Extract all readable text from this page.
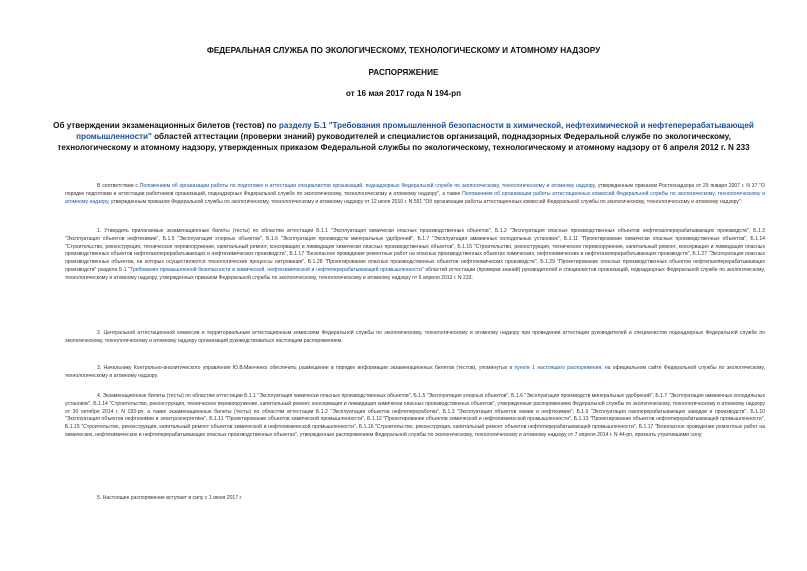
ФЕДЕРАЛЬНАЯ СЛУЖБА ПО ЭКОЛОГИЧЕСКОМУ, ТЕХНОЛОГИЧЕСКОМУ И АТОМНОМУ НАДЗОРУ
РАСПОРЯЖЕНИЕ
от 16 мая 2017 года N 194-рп
Об утверждении экзаменационных билетов (тестов) по разделу Б.1 "Требования промышленной безопасности в химической, нефтехимической и нефтеперерабатывающей промышленности" областей аттестации (проверки знаний) руководителей и специалистов организаций, поднадзорных Федеральной службе по экологическому, технологическому и атомному надзору, утвержденных приказом Федеральной службы по экологическому, технологическому и атомному надзору от 6 апреля 2012 г. N 233
В соответствии с Положением об организации работы по подготовке и аттестации специалистов организаций, поднадзорных Федеральной службе по экологическому, технологическому и атомному надзору, утвержденным приказом Ростехнадзора от 29 января 2007 г. N 37 "О порядке подготовки и аттестации работников организаций, поднадзорных Федеральной службе по экологическому, технологическому и атомному надзору", а также Положением об организации работы аттестационных комиссий Федеральной службы по экологическому, технологическому и атомному надзору, утвержденным приказом Федеральной службы по экологическому, технологическому и атомному надзору от 12 июля 2010 г. N 591 "Об организации работы аттестационных комиссий Федеральной службы по экологическому, технологическому и атомному надзору":
1. Утвердить прилагаемые экзаменационные билеты (тесты) по областям аттестации Б.1.1 "Эксплуатация химически опасных производственных объектов", Б.1.2 "Эксплуатация опасных производственных объектов нефтегазоперерабатывающих производств", Б.1.3 "Эксплуатация объектов нефтехимии", Б.1.5 "Эксплуатация хлорных объектов", Б.1.6 "Эксплуатация производств минеральных удобрений", Б.1.7 "Эксплуатация аммиачных холодильных установок", Б.1.11 "Проектирование химически опасных производственных объектов", Б.1.14 "Строительство, реконструкция, техническое перевооружение, капитальный ремонт, консервация и ликвидация химически опасных производственных объектов", Б.1.15 "Строительство, реконструкция, техническое перевооружение, капитальный ремонт, консервация и ликвидация опасных производственных объектов нефтегазоперерабатывающих и нефтехимических производств", Б.1.17 "Безопасное проведение ремонтных работ на опасных производственных объектах химических, нефтехимических и нефтегазоперерабатывающих производств", Б.1.27 "Эксплуатация опасных производственных объектов, на которых осуществляются технологические процессы нитрования", Б.1.28 "Проектирование опасных производственных объектов нефтехимических производств", Б.1.29 "Проектирование опасных производственных объектов нефтегазоперерабатывающих производств" раздела Б.1 "Требования промышленной безопасности в химической, нефтехимической и нефтеперерабатывающей промышленности" областей аттестации (проверки знаний) руководителей и специалистов организаций, поднадзорных Федеральной службе по экологическому, технологическому и атомному надзору, утвержденных приказом Федеральной службы по экологическому, технологическому и атомному надзору от 6 апреля 2012 г. N 233.
2. Центральной аттестационной комиссии и территориальным аттестационным комиссиям Федеральной службы по экологическому, технологическому и атомному надзору при проведении аттестации руководителей и специалистов поднадзорных Федеральной службе по экологическому, технологическому и атомному надзору организаций руководствоваться настоящим распоряжением.
3. Начальнику Контрольно-аналитического управления Ю.В.Минченко обеспечить размещение в порядке информации экзаменационных билетов (тестов), упомянутых в пункте 1 настоящего распоряжения, на официальном сайте Федеральной службы по экологическому, технологическому и атомному надзору.
4. Экзаменационные билеты (тесты) по областям аттестации Б.1.1 "Эксплуатация химически опасных производственных объектов", Б.1.5 "Эксплуатация хлорных объектов", Б.1.6 "Эксплуатация производств минеральных удобрений", Б.1.7 "Эксплуатация аммиачных холодильных установок", Б.1.14 "Строительство, реконструкция, техническое перевооружение, капитальный ремонт, консервация и ликвидация химически опасных производственных объектов", утвержденные распоряжением Федеральной службы по экологическому, технологическому и атомному надзору от 30 октября 2014 г. N 193-рп, а также экзаменационные билеты (тесты) по областям аттестации Б.1.2 "Эксплуатация объектов нефтепереработки", Б.1.3 "Эксплуатация объектов химии и нефтехимии", Б.1.9 "Эксплуатация газоперерабатывающих заводов и производств", Б.1.10 "Эксплуатация объектов нефтехимии в электроэнергетике", Б.1.11 "Проектирование объектов химической промышленности", Б.1.12 "Проектирование объектов химической и нефтехимической промышленности", Б.1.13 "Проектирование объектов нефтеперерабатывающей промышленности", Б.1.15 "Строительство, реконструкция, капитальный ремонт объектов химической и нефтехимической промышленности", Б.1.16 "Строительство, реконструкция, капитальный ремонт объектов нефтеперерабатывающей промышленности", Б.1.17 "Безопасное проведение ремонтных работ на химических, нефтехимических и нефтеперерабатывающих опасных производственных объектах", утвержденные распоряжением Федеральной службы по экологическому, технологическому и атомному надзору от 7 апреля 2014 г. N 44-рп, признать утратившими силу.
5. Настоящее распоряжение вступает в силу с 1 июня 2017 г.
